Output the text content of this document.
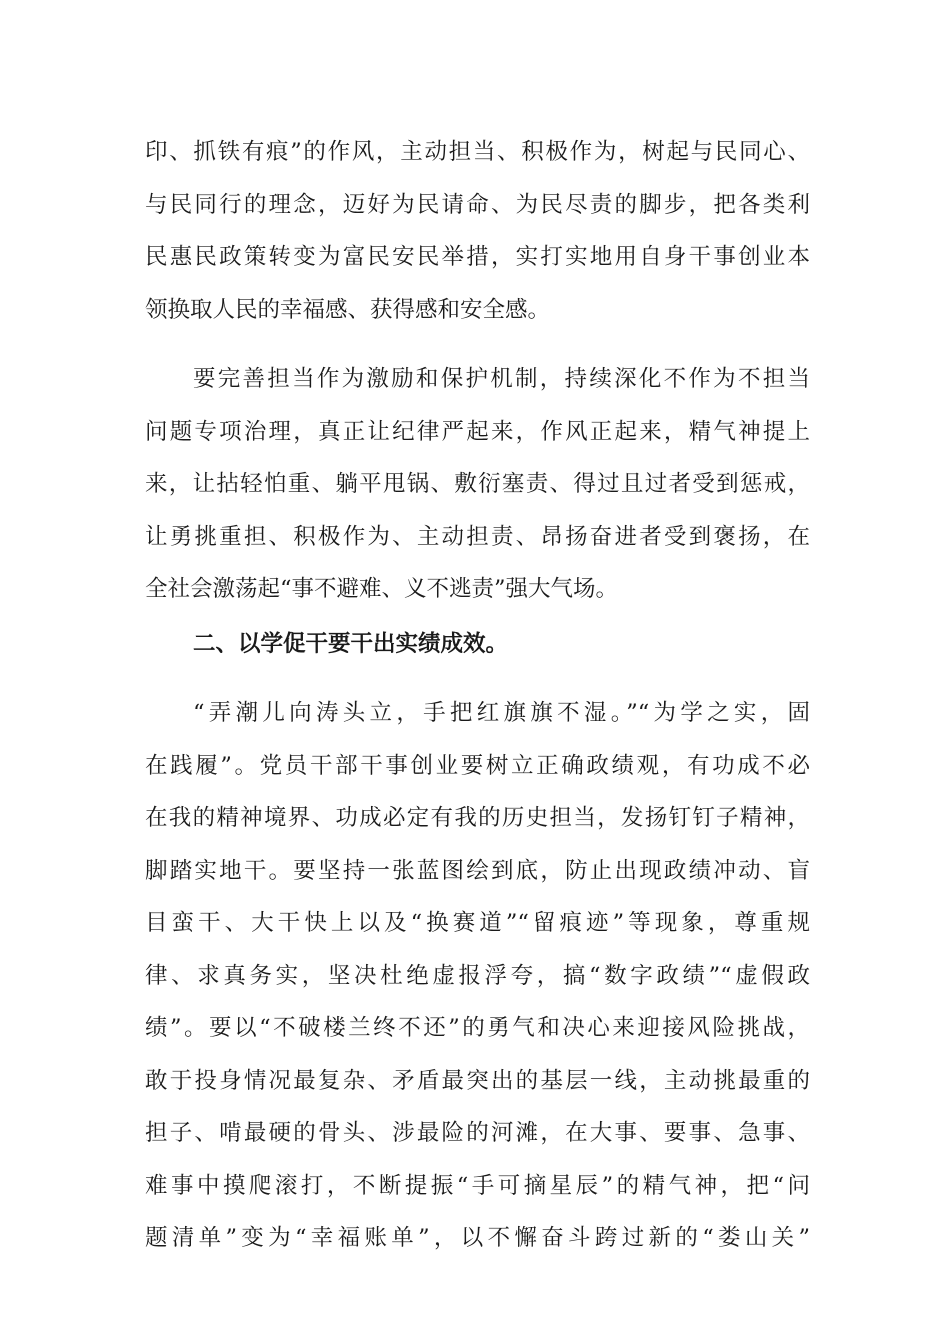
印、抓铁有痕”的作风，主动担当、积极作为，树起与民同心、
与民同行的理念，迈好为民请命、为民尽责的脚步，把各类利
民惠民政策转变为富民安民举措，实打实地用自身干事创业本
领换取人民的幸福感、获得感和安全感。
要完善担当作为激励和保护机制，持续深化不作为不担当
问题专项治理，真正让纪律严起来，作风正起来，精气神提上
来，让拈轻怕重、躺平甩锅、敷衍塞责、得过且过者受到惩戒，
让勇挑重担、积极作为、主动担责、昂扬奋进者受到褒扬，在
全社会激荡起“事不避难、义不逃责”强大气场。
二、以学促干要干出实绩成效。
“弄潮儿向涛头立，手把红旗旗不湿。”“为学之实，固
在践履”。党员干部干事创业要树立正确政绩观，有功成不必
在我的精神境界、功成必定有我的历史担当，发扬钉钉子精神，
脚踏实地干。要坚持一张蓝图绘到底，防止出现政绩冲动、盲
目蛮干、大干快上以及“换赛道”“留痕迹”等现象，尊重规
律、求真务实，坚决杜绝虚报浮夸，搞“数字政绩”“虚假政
绩”。要以“不破楼兰终不还”的勇气和决心来迎接风险挑战，
敢于投身情况最复杂、矛盾最突出的基层一线，主动挑最重的
担子、啃最硬的骨头、涉最险的河滩，在大事、要事、急事、
难事中摸爬滚打，不断提振“手可摘星辰”的精气神，把“问
题清单”变为“幸福账单”，以不懈奋斗跨过新的“娄山关”
